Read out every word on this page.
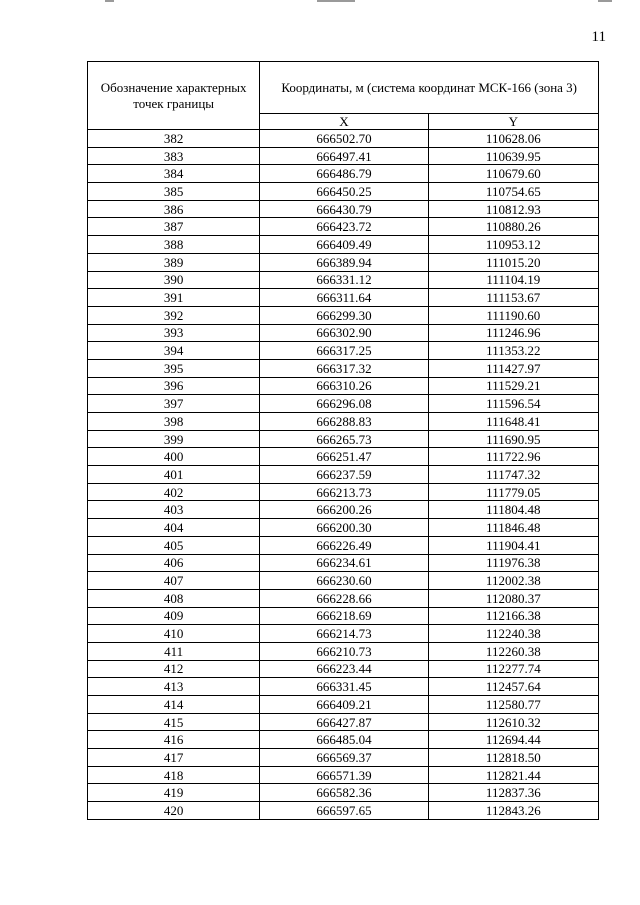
11
Обозначение характерных точек границы	Координаты, м (система координат МСК-166 (зона 3)	
	X	Y
382	666502.70	110628.06
383	666497.41	110639.95
384	666486.79	110679.60
385	666450.25	110754.65
386	666430.79	110812.93
387	666423.72	110880.26
388	666409.49	110953.12
389	666389.94	111015.20
390	666331.12	111104.19
391	666311.64	111153.67
392	666299.30	111190.60
393	666302.90	111246.96
394	666317.25	111353.22
395	666317.32	111427.97
396	666310.26	111529.21
397	666296.08	111596.54
398	666288.83	111648.41
399	666265.73	111690.95
400	666251.47	111722.96
401	666237.59	111747.32
402	666213.73	111779.05
403	666200.26	111804.48
404	666200.30	111846.48
405	666226.49	111904.41
406	666234.61	111976.38
407	666230.60	112002.38
408	666228.66	112080.37
409	666218.69	112166.38
410	666214.73	112240.38
411	666210.73	112260.38
412	666223.44	112277.74
413	666331.45	112457.64
414	666409.21	112580.77
415	666427.87	112610.32
416	666485.04	112694.44
417	666569.37	112818.50
418	666571.39	112821.44
419	666582.36	112837.36
420	666597.65	112843.26
